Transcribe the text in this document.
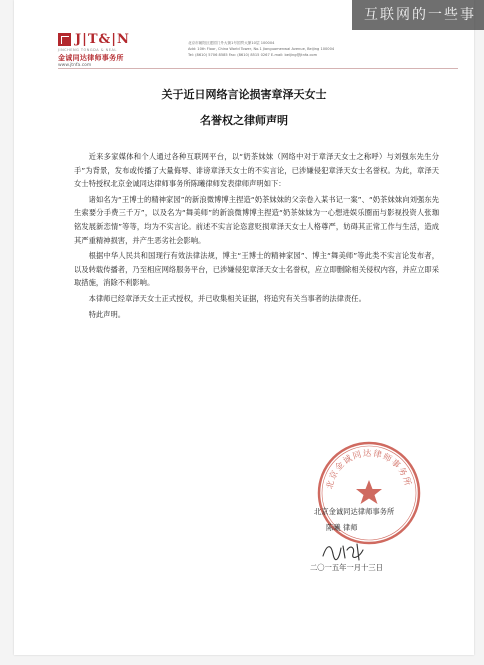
J|T&|N
JINCHENG TONGDA & NEAL
金诚同达律师事务所
www.jtnfa.com
北京市朝阳区建国门外大街1号国贸大厦10层 100004
Add: 10th Floor, China World Tower, No.1 Jianguomenwai Avenue, Beijing 100004
Tel: (8610) 5706 8585 Fax: (8610) 8515 0267 E-mail: beijing@jtnfa.com
关于近日网络言论损害章泽天女士
名誉权之律师声明

近来多家媒体和个人通过各种互联网平台，以“奶茶妹妹（网络中对于章泽天女士之称呼）与刘强东先生分手”为背景，发布或传播了大量侮辱、诽谤章泽天女士的不实言论，已涉嫌侵犯章泽天女士名誉权。为此，章泽天女士特授权北京金诚同达律师事务所陈曦律师发表律师声明如下：

诸如名为“王博士的精神家园”的新浪微博博主捏造“奶茶妹妹的父亲卷入某书记一案”、“奶茶妹妹向刘强东先生索要分手费三千万”，以及名为“舞美师”的新浪微博博主捏造“奶茶妹妹为一心想进娱乐圈而与影视投资人张珈铭发展新恋情”等等，均为不实言论。前述不实言论恣意贬损章泽天女士人格尊严，妨碍其正常工作与生活，造成其严重精神损害，并产生恶劣社会影响。

根据中华人民共和国现行有效法律法规，博主“王博士的精神家园”、博主“舞美师”等此类不实言论发布者，以及转载传播者，乃至相应网络服务平台，已涉嫌侵犯章泽天女士名誉权，应立即删除相关侵权内容，并应立即采取措施，消除不利影响。

本律师已经章泽天女士正式授权，并已收集相关证据，将追究有关当事者的法律责任。

特此声明。

北京金诚同达律师事务所
北京金诚同达律师事务所
陈曦 律师
二〇一五年一月十三日
互联网的一些事
